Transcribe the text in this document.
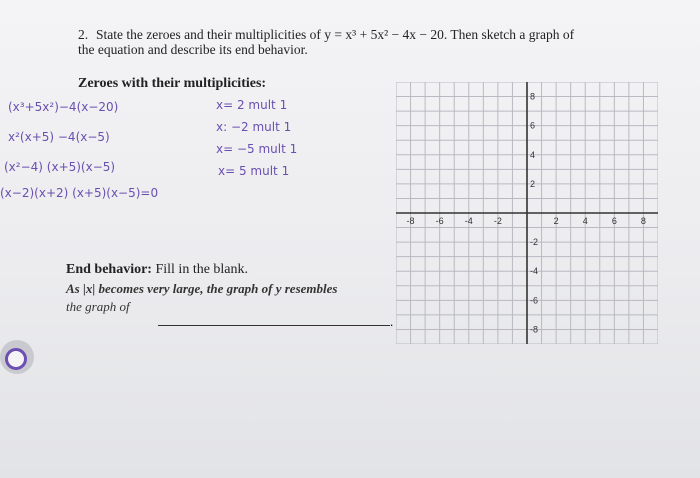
2. State the zeroes and their multiplicities of y = x³ + 5x² − 4x − 20. Then sketch a graph of
the equation and describe its end behavior.
Zeroes with their multiplicities:
(x³+5x²)−4(x−20)
x²(x+5) −4(x−5)
(x²−4) (x+5)(x−5)
(x−2)(x+2) (x+5)(x−5)=0
x= 2 mult 1
x: −2 mult 1
x= −5 mult 1
x= 5 mult 1
End behavior: Fill in the blank.
As |x| becomes very large, the graph of y resembles
the graph of
.
-8 -6 -4 -2	2	4	6	8
8
6
4
2
-2
-4
-6
-8
